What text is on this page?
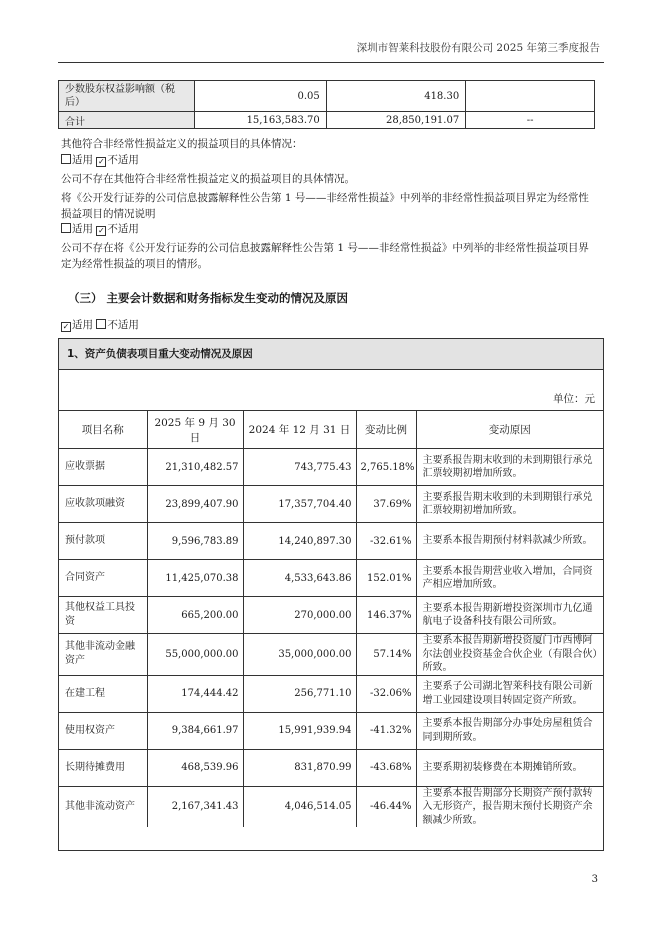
深圳市智莱科技股份有限公司 2025 年第三季度报告
少数股东权益影响额（税后）	0.05	418.30	
合计	15,163,583.70	28,850,191.07	--
其他符合非经常性损益定义的损益项目的具体情况：
适用 ✓ 不适用
公司不存在其他符合非经常性损益定义的损益项目的具体情况。
将《公开发行证券的公司信息披露解释性公告第 1 号——非经常性损益》中列举的非经常性损益项目界定为经常性损益项目的情况说明
适用 ✓ 不适用
公司不存在将《公开发行证券的公司信息披露解释性公告第 1 号——非经常性损益》中列举的非经常性损益项目界定为经常性损益的项目的情形。
（三） 主要会计数据和财务指标发生变动的情况及原因
✓ 适用 不适用
1、资产负债表项目重大变动情况及原因
单位：元
项目名称	2025 年 9 月 30 日	2024 年 12 月 31 日	变动比例	变动原因
应收票据	21,310,482.57	743,775.43	2,765.18%	主要系报告期末收到的未到期银行承兑汇票较期初增加所致。
应收款项融资	23,899,407.90	17,357,704.40	37.69%	主要系报告期末收到的未到期银行承兑汇票较期初增加所致。
预付款项	9,596,783.89	14,240,897.30	-32.61%	主要系本报告期预付材料款减少所致。
合同资产	11,425,070.38	4,533,643.86	152.01%	主要系本报告期营业收入增加，合同资产相应增加所致。
其他权益工具投资	665,200.00	270,000.00	146.37%	主要系本报告期新增投资深圳市九亿通航电子设备科技有限公司所致。
其他非流动金融资产	55,000,000.00	35,000,000.00	57.14%	主要系本报告期新增投资厦门市西博阿尔法创业投资基金合伙企业（有限合伙）所致。
在建工程	174,444.42	256,771.10	-32.06%	主要系子公司湖北智莱科技有限公司新增工业园建设项目转固定资产所致。
使用权资产	9,384,661.97	15,991,939.94	-41.32%	主要系本报告期部分办事处房屋租赁合同到期所致。
长期待摊费用	468,539.96	831,870.99	-43.68%	主要系期初装修费在本期摊销所致。
其他非流动资产	2,167,341.43	4,046,514.05	-46.44%	主要系本报告期部分长期资产预付款转入无形资产，报告期末预付长期资产余额减少所致。
3
